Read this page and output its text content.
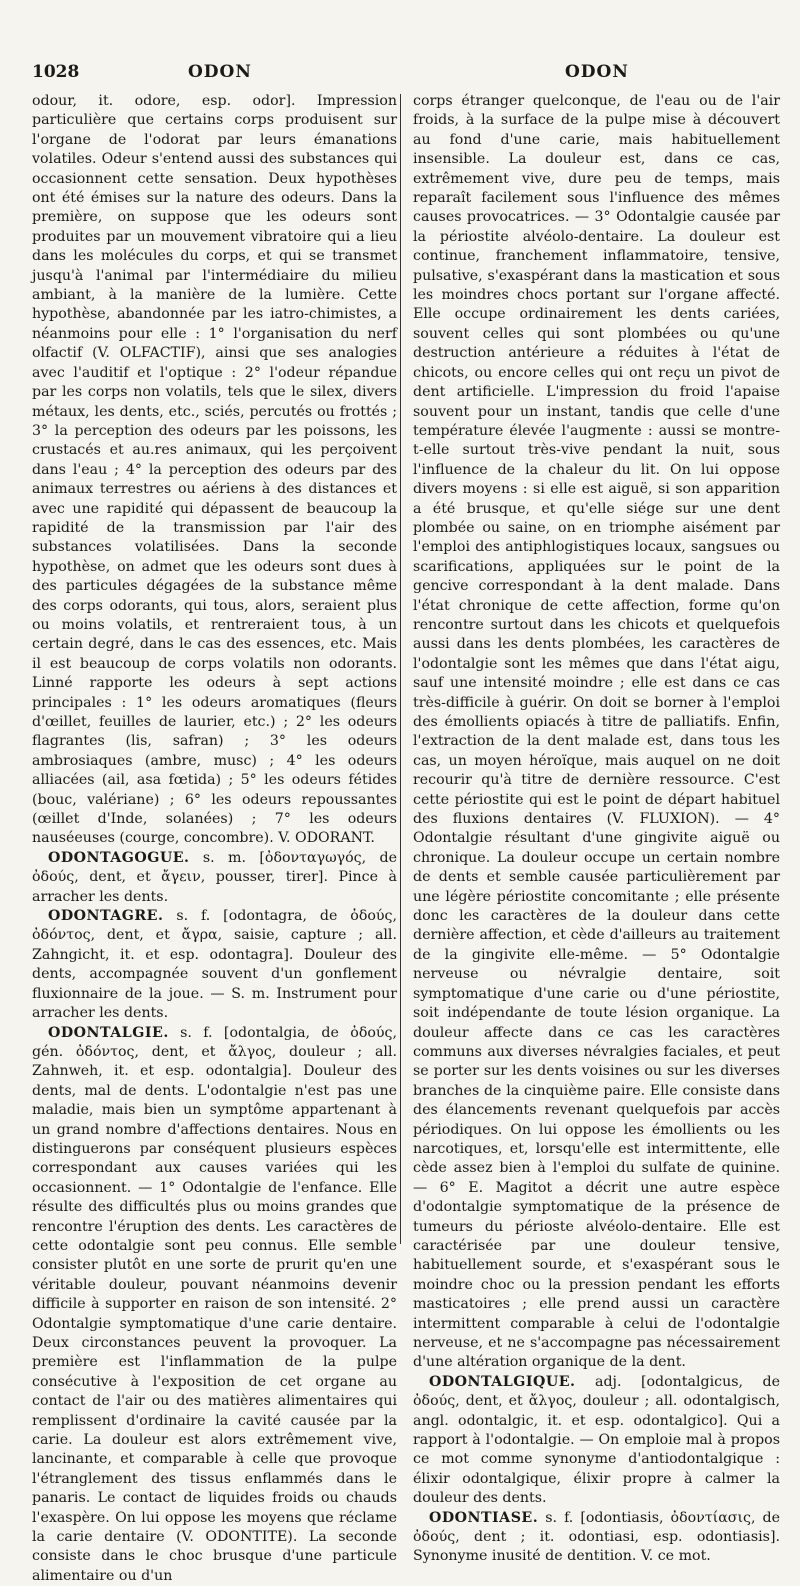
1028	ODON	ODON

odour, it. odore, esp. odor]. Impression particulière que certains corps produisent sur l'organe de l'odorat par leurs émanations volatiles. Odeur s'entend aussi des substances qui occasionnent cette sensation. Deux hypothèses ont été émises sur la nature des odeurs. Dans la première, on suppose que les odeurs sont produites par un mouvement vibratoire qui a lieu dans les molécules du corps, et qui se transmet jusqu'à l'animal par l'intermédiaire du milieu ambiant, à la manière de la lumière. Cette hypothèse, abandonnée par les iatro-chimistes, a néanmoins pour elle : 1° l'organisation du nerf olfactif (V. OLFACTIF), ainsi que ses analogies avec l'auditif et l'optique : 2° l'odeur répandue par les corps non volatils, tels que le silex, divers métaux, les dents, etc., sciés, percutés ou frottés ; 3° la perception des odeurs par les poissons, les crustacés et au.res animaux, qui les perçoivent dans l'eau ; 4° la perception des odeurs par des animaux terrestres ou aériens à des distances et avec une rapidité qui dépassent de beaucoup la rapidité de la transmission par l'air des substances volatilisées. Dans la seconde hypothèse, on admet que les odeurs sont dues à des particules dégagées de la substance même des corps odorants, qui tous, alors, seraient plus ou moins volatils, et rentreraient tous, à un certain degré, dans le cas des essences, etc. Mais il est beaucoup de corps volatils non odorants. Linné rapporte les odeurs à sept actions principales : 1° les odeurs aromatiques (fleurs d'œillet, feuilles de laurier, etc.) ; 2° les odeurs flagrantes (lis, safran) ; 3° les odeurs ambrosiaques (ambre, musc) ; 4° les odeurs alliacées (ail, asa fœtida) ; 5° les odeurs fétides (bouc, valériane) ; 6° les odeurs repoussantes (œillet d'Inde, solanées) ; 7° les odeurs nauséeuses (courge, concombre). V. ODORANT.

ODONTAGOGUE. s. m. [ὀδονταγωγός, de ὀδούς, dent, et ἄγειν, pousser, tirer]. Pince à arracher les dents.

ODONTAGRE. s. f. [odontagra, de ὀδούς, ὀδόντος, dent, et ἄγρα, saisie, capture ; all. Zahngicht, it. et esp. odontagra]. Douleur des dents, accompagnée souvent d'un gonflement fluxionnaire de la joue. — S. m. Instrument pour arracher les dents.

ODONTALGIE. s. f. [odontalgia, de ὀδούς, gén. ὀδόντος, dent, et ἄλγος, douleur ; all. Zahnweh, it. et esp. odontalgia]. Douleur des dents, mal de dents. L'odontalgie n'est pas une maladie, mais bien un symptôme appartenant à un grand nombre d'affections dentaires. Nous en distinguerons par conséquent plusieurs espèces correspondant aux causes variées qui les occasionnent. — 1° Odontalgie de l'enfance. Elle résulte des difficultés plus ou moins grandes que rencontre l'éruption des dents. Les caractères de cette odontalgie sont peu connus. Elle semble consister plutôt en une sorte de prurit qu'en une véritable douleur, pouvant néanmoins devenir difficile à supporter en raison de son intensité. 2° Odontalgie symptomatique d'une carie dentaire. Deux circonstances peuvent la provoquer. La première est l'inflammation de la pulpe consécutive à l'exposition de cet organe au contact de l'air ou des matières alimentaires qui remplissent d'ordinaire la cavité causée par la carie. La douleur est alors extrêmement vive, lancinante, et comparable à celle que provoque l'étranglement des tissus enflammés dans le panaris. Le contact de liquides froids ou chauds l'exaspère. On lui oppose les moyens que réclame la carie dentaire (V. ODONTITE). La seconde consiste dans le choc brusque d'une particule alimentaire ou d'un

corps étranger quelconque, de l'eau ou de l'air froids, à la surface de la pulpe mise à découvert au fond d'une carie, mais habituellement insensible. La douleur est, dans ce cas, extrêmement vive, dure peu de temps, mais reparaît facilement sous l'influence des mêmes causes provocatrices. — 3° Odontalgie causée par la périostite alvéolo-dentaire. La douleur est continue, franchement inflammatoire, tensive, pulsative, s'exaspérant dans la mastication et sous les moindres chocs portant sur l'organe affecté. Elle occupe ordinairement les dents cariées, souvent celles qui sont plombées ou qu'une destruction antérieure a réduites à l'état de chicots, ou encore celles qui ont reçu un pivot de dent artificielle. L'impression du froid l'apaise souvent pour un instant, tandis que celle d'une température élevée l'augmente : aussi se montre-t-elle surtout très-vive pendant la nuit, sous l'influence de la chaleur du lit. On lui oppose divers moyens : si elle est aiguë, si son apparition a été brusque, et qu'elle siége sur une dent plombée ou saine, on en triomphe aisément par l'emploi des antiphlogistiques locaux, sangsues ou scarifications, appliquées sur le point de la gencive correspondant à la dent malade. Dans l'état chronique de cette affection, forme qu'on rencontre surtout dans les chicots et quelquefois aussi dans les dents plombées, les caractères de l'odontalgie sont les mêmes que dans l'état aigu, sauf une intensité moindre ; elle est dans ce cas très-difficile à guérir. On doit se borner à l'emploi des émollients opiacés à titre de palliatifs. Enfin, l'extraction de la dent malade est, dans tous les cas, un moyen héroïque, mais auquel on ne doit recourir qu'à titre de dernière ressource. C'est cette périostite qui est le point de départ habituel des fluxions dentaires (V. FLUXION). — 4° Odontalgie résultant d'une gingivite aiguë ou chronique. La douleur occupe un certain nombre de dents et semble causée particulièrement par une légère périostite concomitante ; elle présente donc les caractères de la douleur dans cette dernière affection, et cède d'ailleurs au traitement de la gingivite elle-même. — 5° Odontalgie nerveuse ou névralgie dentaire, soit symptomatique d'une carie ou d'une périostite, soit indépendante de toute lésion organique. La douleur affecte dans ce cas les caractères communs aux diverses névralgies faciales, et peut se porter sur les dents voisines ou sur les diverses branches de la cinquième paire. Elle consiste dans des élancements revenant quelquefois par accès périodiques. On lui oppose les émollients ou les narcotiques, et, lorsqu'elle est intermittente, elle cède assez bien à l'emploi du sulfate de quinine. — 6° E. Magitot a décrit une autre espèce d'odontalgie symptomatique de la présence de tumeurs du périoste alvéolo-dentaire. Elle est caractérisée par une douleur tensive, habituellement sourde, et s'exaspérant sous le moindre choc ou la pression pendant les efforts masticatoires ; elle prend aussi un caractère intermittent comparable à celui de l'odontalgie nerveuse, et ne s'accompagne pas nécessairement d'une altération organique de la dent.

ODONTALGIQUE. adj. [odontalgicus, de ὀδούς, dent, et ἄλγος, douleur ; all. odontalgisch, angl. odontalgic, it. et esp. odontalgico]. Qui a rapport à l'odontalgie. — On emploie mal à propos ce mot comme synonyme d'antiodontalgique : élixir odontalgique, élixir propre à calmer la douleur des dents.

ODONTIASE. s. f. [odontiasis, ὀδοντίασις, de ὀδούς, dent ; it. odontiasi, esp. odontiasis]. Synonyme inusité de dentition. V. ce mot.
